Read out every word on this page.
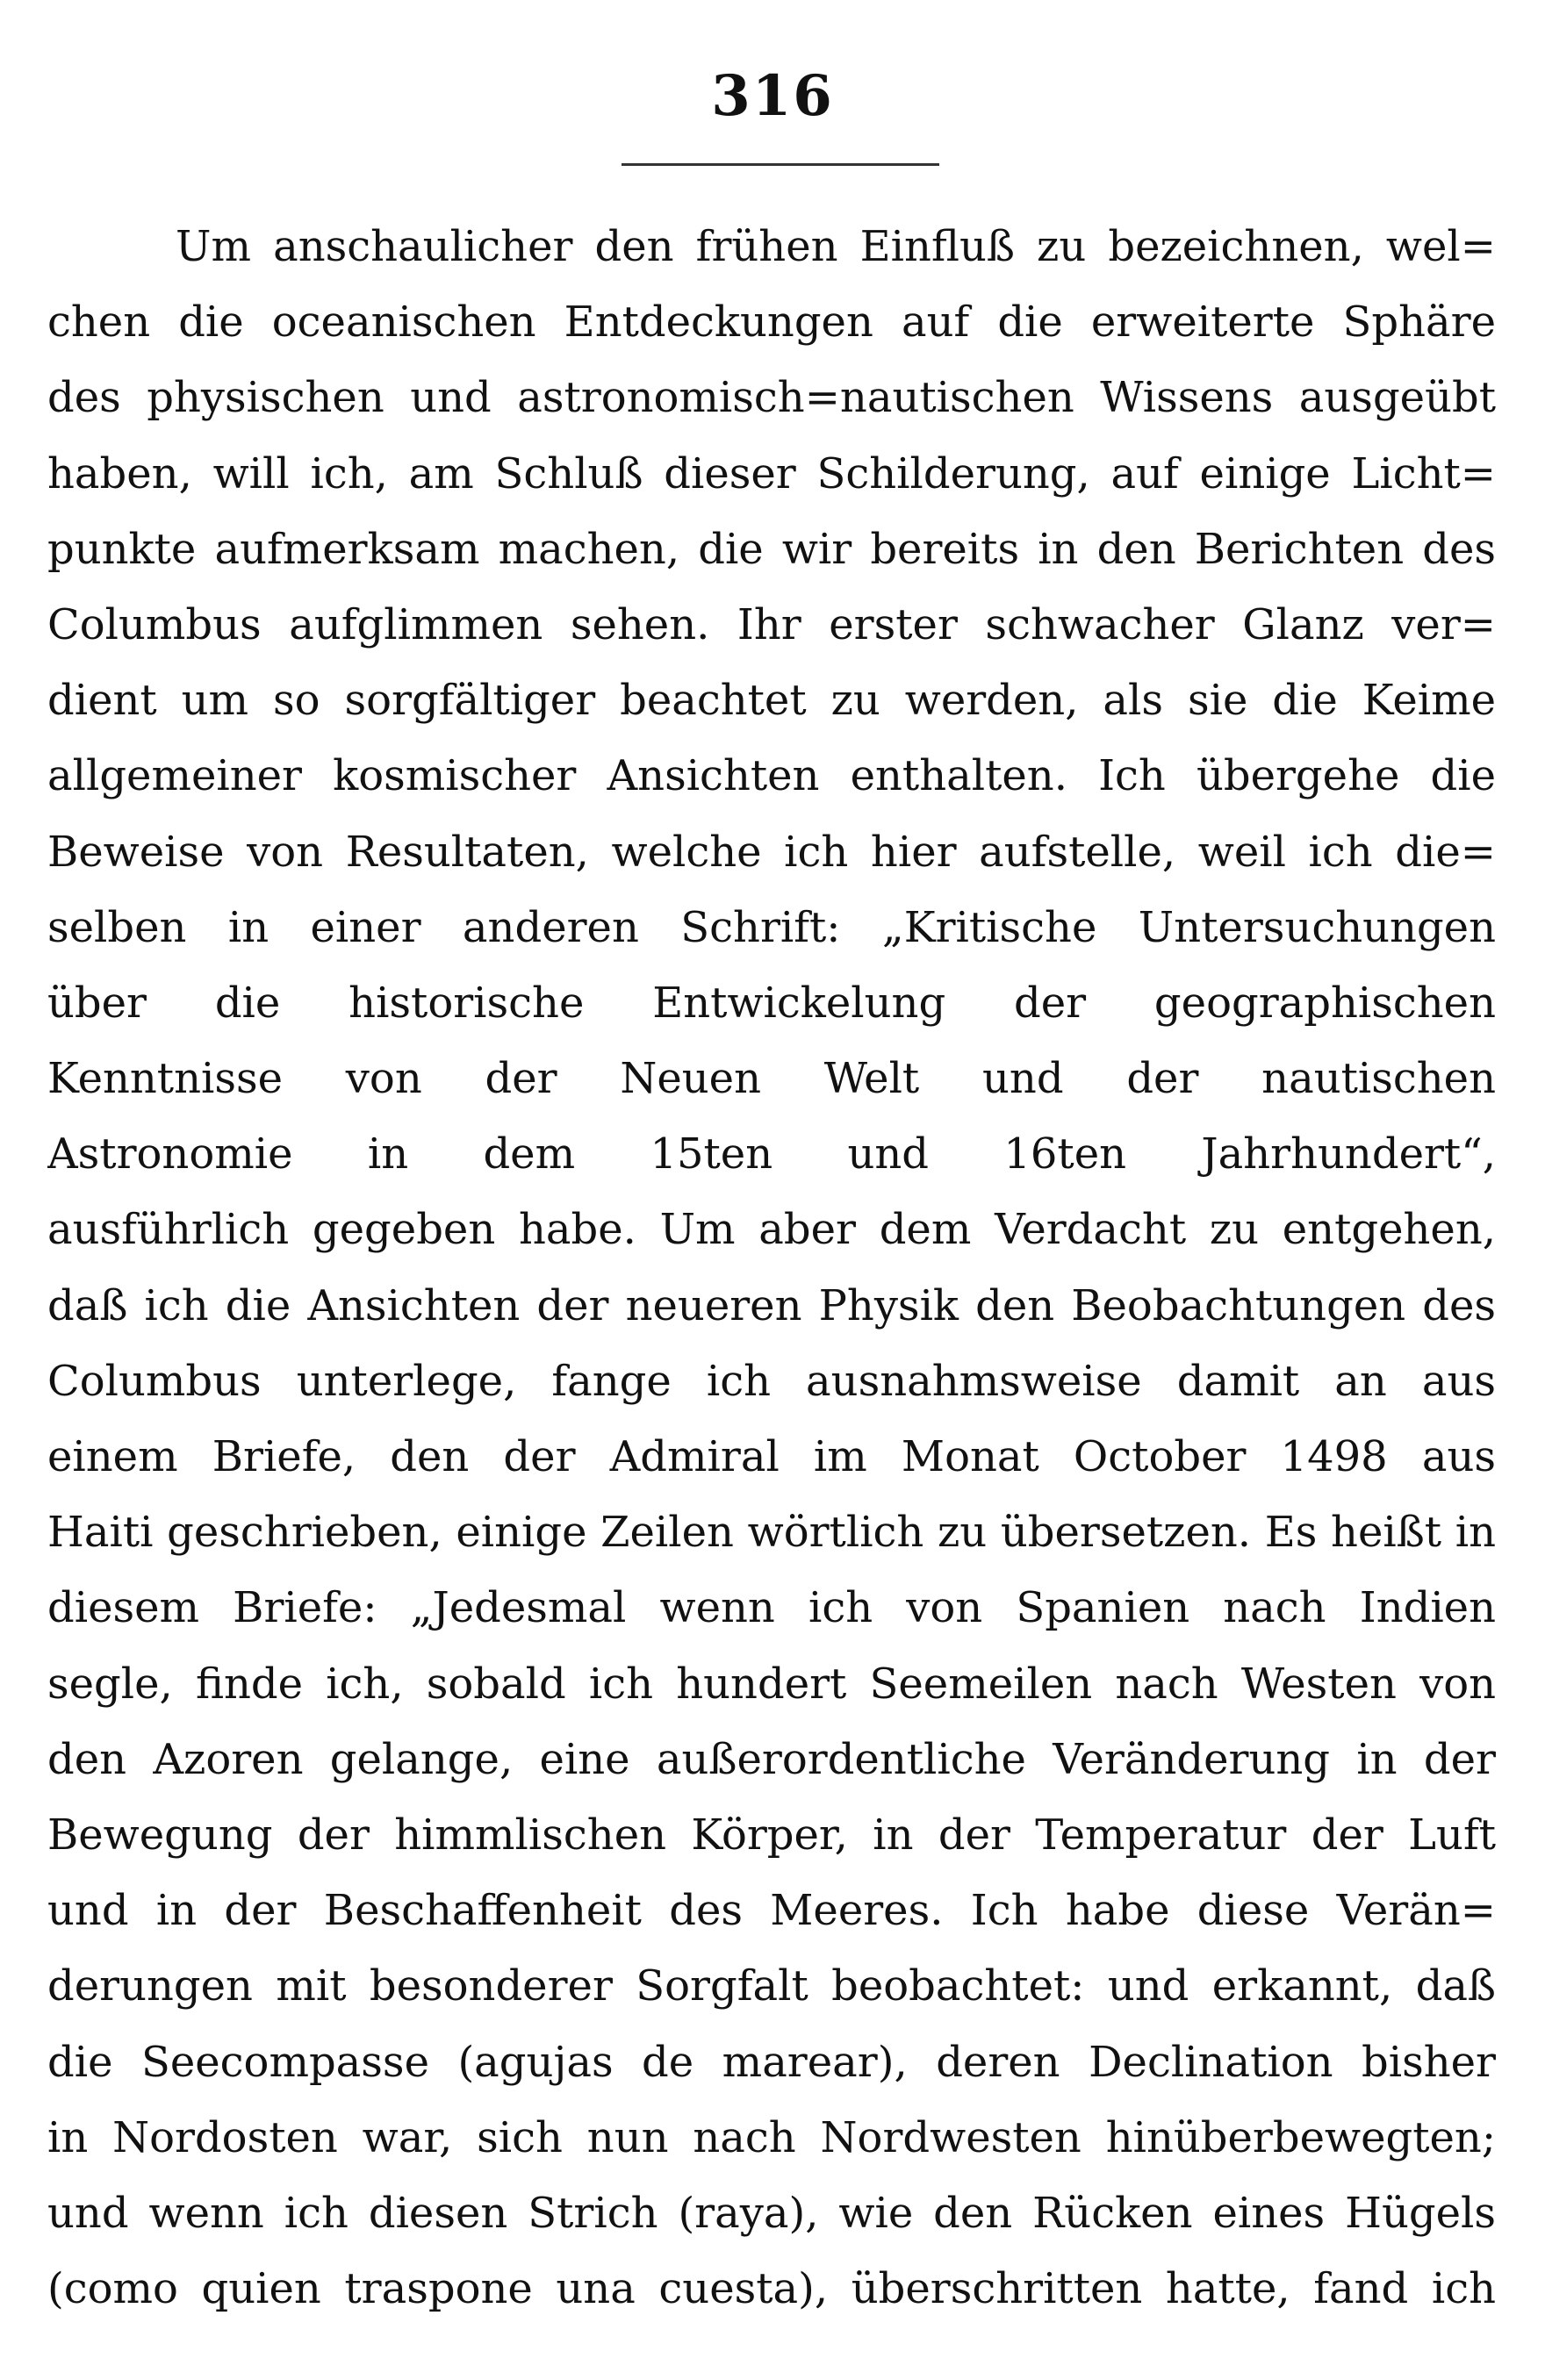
316
Um anschaulicher den frühen Einfluß zu bezeichnen, wel=
chen die oceanischen Entdeckungen auf die erweiterte Sphäre
des physischen und astronomisch=nautischen Wissens ausgeübt
haben, will ich, am Schluß dieser Schilderung, auf einige Licht=
punkte aufmerksam machen, die wir bereits in den Berichten des
Columbus aufglimmen sehen. Ihr erster schwacher Glanz ver=
dient um so sorgfältiger beachtet zu werden, als sie die Keime
allgemeiner kosmischer Ansichten enthalten. Ich übergehe die
Beweise von Resultaten, welche ich hier aufstelle, weil ich die=
selben in einer anderen Schrift: „Kritische Untersuchungen
über die historische Entwickelung der geographischen
Kenntnisse von der Neuen Welt und der nautischen
Astronomie in dem 15ten und 16ten Jahrhundert“,
ausführlich gegeben habe. Um aber dem Verdacht zu entgehen,
daß ich die Ansichten der neueren Physik den Beobachtungen des
Columbus unterlege, fange ich ausnahmsweise damit an aus
einem Briefe, den der Admiral im Monat October 1498 aus
Haiti geschrieben, einige Zeilen wörtlich zu übersetzen. Es heißt in
diesem Briefe: „Jedesmal wenn ich von Spanien nach Indien
segle, finde ich, sobald ich hundert Seemeilen nach Westen von
den Azoren gelange, eine außerordentliche Veränderung in der
Bewegung der himmlischen Körper, in der Temperatur der Luft
und in der Beschaffenheit des Meeres. Ich habe diese Verän=
derungen mit besonderer Sorgfalt beobachtet: und erkannt, daß
die Seecompasse (agujas de marear), deren Declination bisher
in Nordosten war, sich nun nach Nordwesten hinüberbewegten;
und wenn ich diesen Strich (raya), wie den Rücken eines Hügels
(como quien traspone una cuesta), überschritten hatte, fand ich
